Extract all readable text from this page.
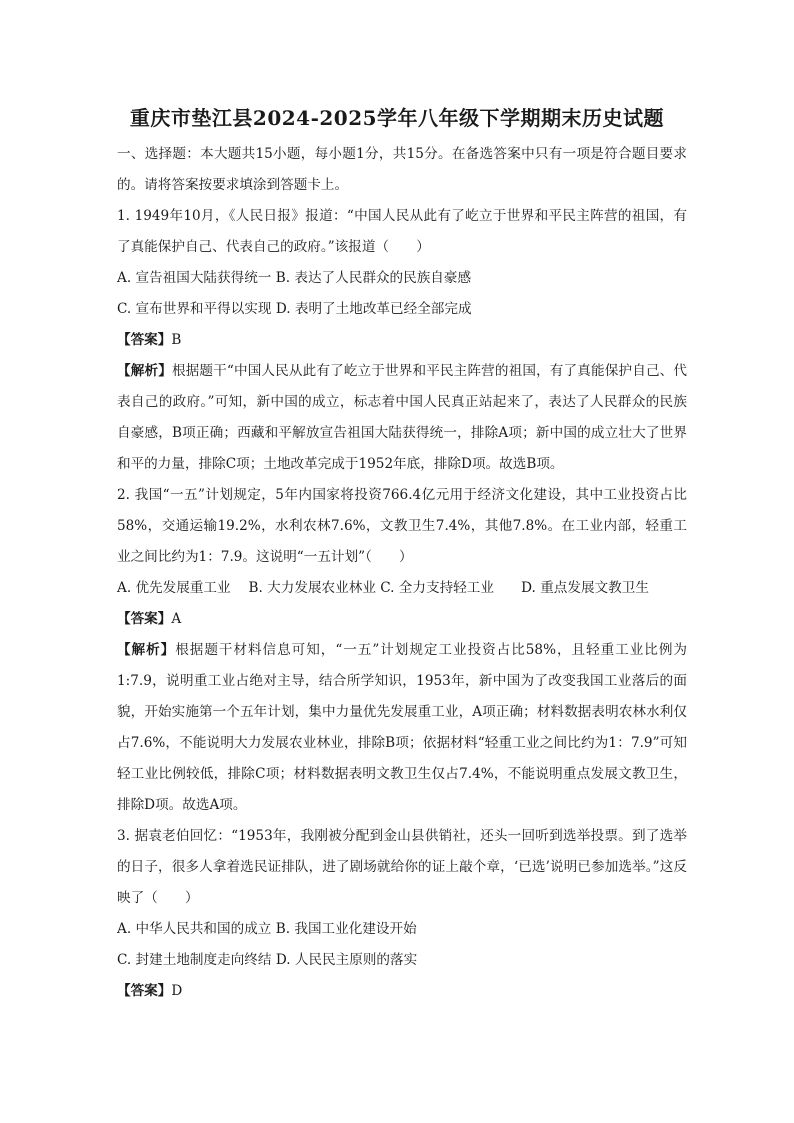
重庆市垫江县2024-2025学年八年级下学期期末历史试题

一、选择题：本大题共15小题，每小题1分，共15分。在备选答案中只有一项是符合题目要求的。请将答案按要求填涂到答题卡上。

1. 1949年10月，《人民日报》报道：“中国人民从此有了屹立于世界和平民主阵营的祖国，有了真能保护自己、代表自己的政府。”该报道（　　）

A. 宣告祖国大陆获得统一 B. 表达了人民群众的民族自豪感

C. 宣布世界和平得以实现 D. 表明了土地改革已经全部完成

【答案】B

【解析】根据题干“中国人民从此有了屹立于世界和平民主阵营的祖国，有了真能保护自己、代表自己的政府。”可知，新中国的成立，标志着中国人民真正站起来了，表达了人民群众的民族自豪感，B项正确；西藏和平解放宣告祖国大陆获得统一，排除A项；新中国的成立壮大了世界和平的力量，排除C项；土地改革完成于1952年底，排除D项。故选B项。

2. 我国“一五”计划规定，5年内国家将投资766.4亿元用于经济文化建设，其中工业投资占比58%，交通运输19.2%，水利农林7.6%，文教卫生7.4%，其他7.8%。在工业内部，轻重工业之间比约为1：7.9。这说明“一五计划”（　　）

A. 优先发展重工业　 B. 大力发展农业林业 C. 全力支持轻工业　　D. 重点发展文教卫生

【答案】A

【解析】根据题干材料信息可知，“一五”计划规定工业投资占比58%，且轻重工业比例为1:7.9，说明重工业占绝对主导，结合所学知识，1953年，新中国为了改变我国工业落后的面貌，开始实施第一个五年计划，集中力量优先发展重工业，A项正确；材料数据表明农林水利仅占7.6%，不能说明大力发展农业林业，排除B项；依据材料“轻重工业之间比约为1：7.9”可知轻工业比例较低，排除C项；材料数据表明文教卫生仅占7.4%，不能说明重点发展文教卫生，排除D项。故选A项。

3. 据袁老伯回忆：“1953年，我刚被分配到金山县供销社，还头一回听到选举投票。到了选举的日子，很多人拿着选民证排队，进了剧场就给你的证上敲个章，‘已选’说明已参加选举。”这反映了（　　）

A. 中华人民共和国的成立 B. 我国工业化建设开始

C. 封建土地制度走向终结 D. 人民民主原则的落实

【答案】D
